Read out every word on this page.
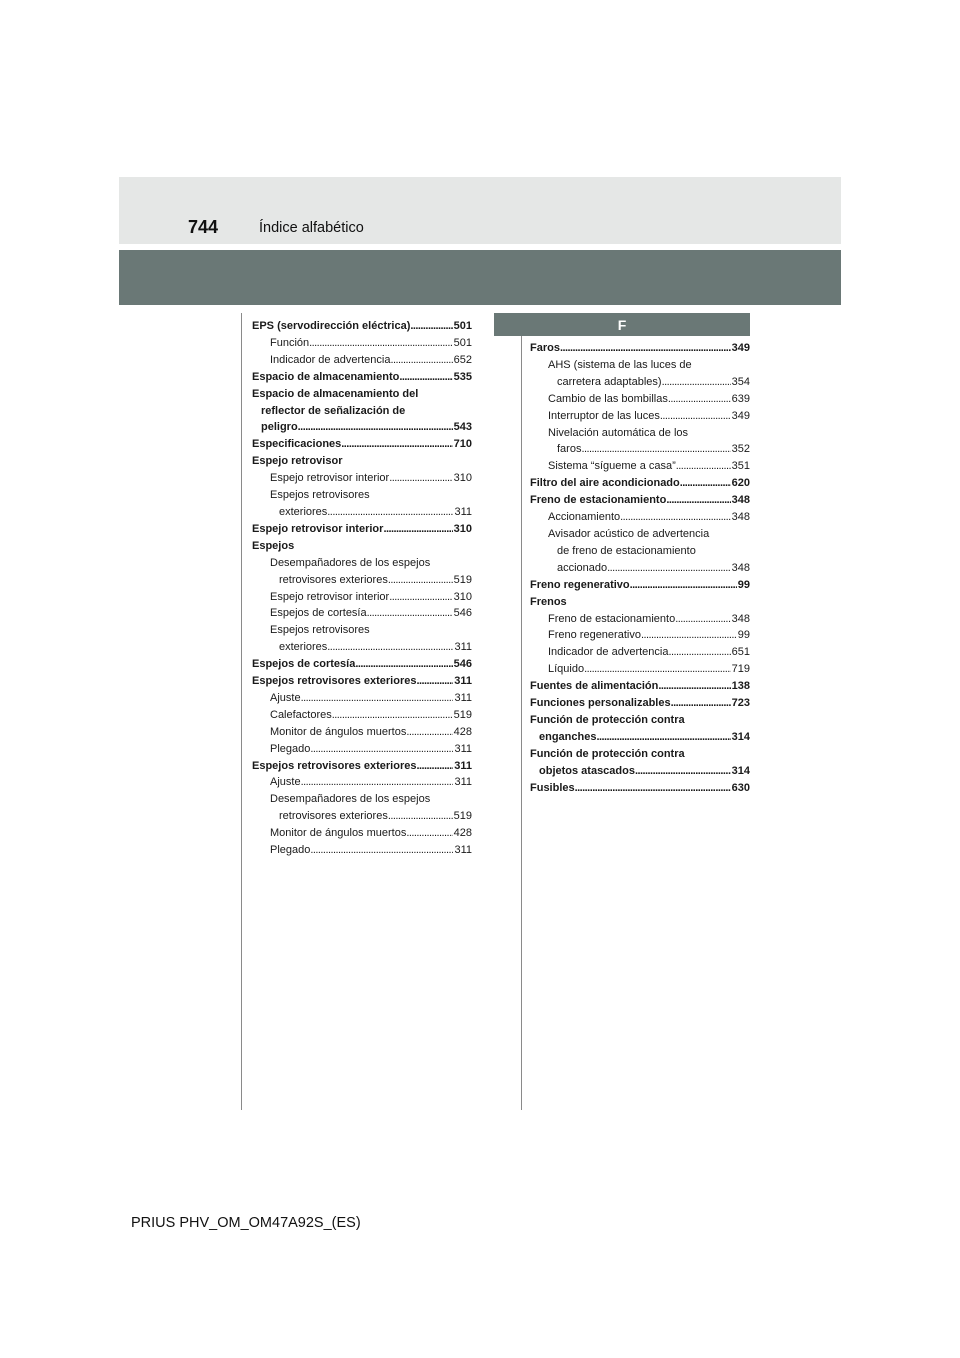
744	Índice alfabético
F
EPS (servodirección eléctrica) . . .	501
Función . . .	501
Indicador de advertencia . . .	652
Espacio de almacenamiento . . .	535
Espacio de almacenamiento del
reflector de señalización de
peligro . . .	543
Especificaciones . . .	710
Espejo retrovisor
Espejo retrovisor interior . . .	310
Espejos retrovisores
exteriores . . .	311
Espejo retrovisor interior . . .	310
Espejos
Desempañadores de los espejos
retrovisores exteriores . . .	519
Espejo retrovisor interior . . .	310
Espejos de cortesía . . .	546
Espejos retrovisores
exteriores . . .	311
Espejos de cortesía . . .	546
Espejos retrovisores exteriores . . .	311
Ajuste . . .	311
Calefactores . . .	519
Monitor de ángulos muertos . . .	428
Plegado . . .	311
Espejos retrovisores exteriores . . .	311
Ajuste . . .	311
Desempañadores de los espejos
retrovisores exteriores . . .	519
Monitor de ángulos muertos . . .	428
Plegado . . .	311
Faros . . .	349
AHS (sistema de las luces de
carretera adaptables) . . .	354
Cambio de las bombillas . . .	639
Interruptor de las luces . . .	349
Nivelación automática de los
faros . . .	352
Sistema “sígueme a casa” . . .	351
Filtro del aire acondicionado . . .	620
Freno de estacionamiento . . .	348
Accionamiento . . .	348
Avisador acústico de advertencia
de freno de estacionamiento
accionado . . .	348
Freno regenerativo . . .	99
Frenos
Freno de estacionamiento . . .	348
Freno regenerativo . . .	99
Indicador de advertencia . . .	651
Líquido . . .	719
Fuentes de alimentación . . .	138
Funciones personalizables . . .	723
Función de protección contra
enganches . . .	314
Función de protección contra
objetos atascados . . .	314
Fusibles . . .	630
PRIUS PHV_OM_OM47A92S_(ES)
